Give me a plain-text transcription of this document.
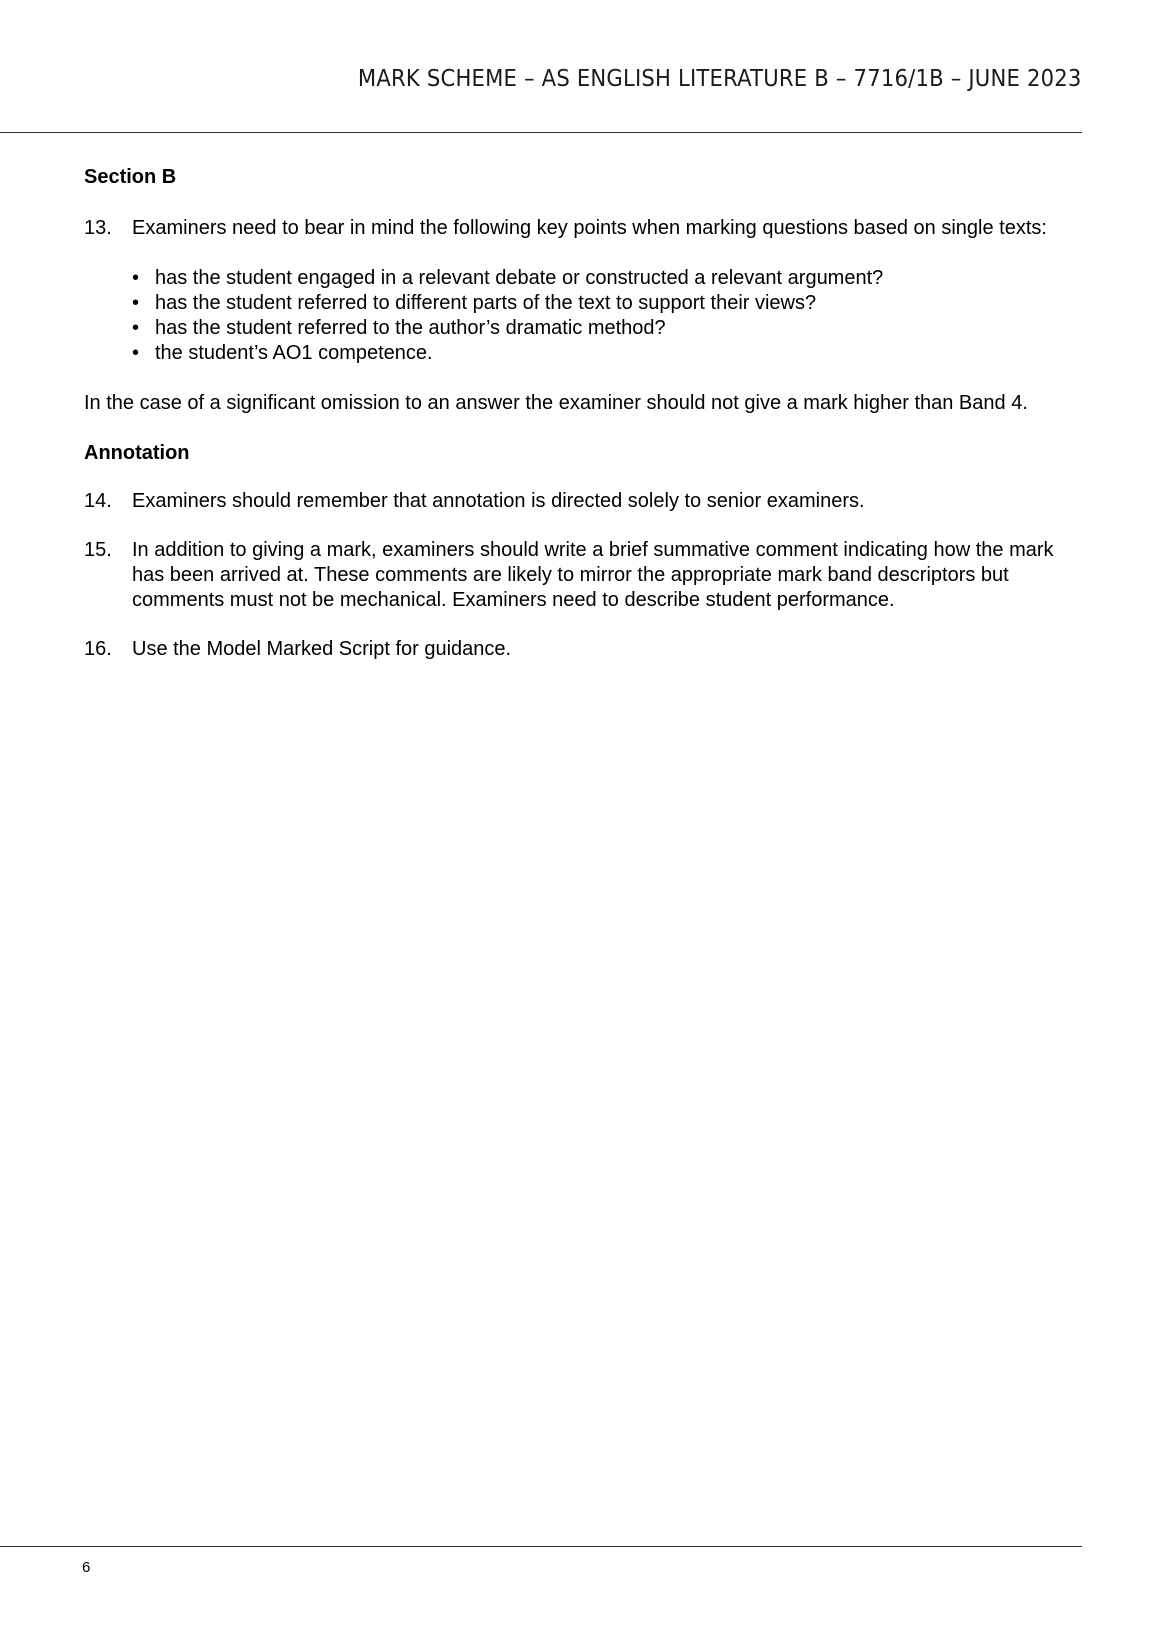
MARK SCHEME – AS ENGLISH LITERATURE B – 7716/1B – JUNE 2023

Section B

13.	Examiners need to bear in mind the following key points when marking questions based on single texts:
• has the student engaged in a relevant debate or constructed a relevant argument?
• has the student referred to different parts of the text to support their views?
• has the student referred to the author’s dramatic method?
• the student’s AO1 competence.

In the case of a significant omission to an answer the examiner should not give a mark higher than Band 4.

Annotation

14.	Examiners should remember that annotation is directed solely to senior examiners.
15.	In addition to giving a mark, examiners should write a brief summative comment indicating how the mark has been arrived at. These comments are likely to mirror the appropriate mark band descriptors but comments must not be mechanical. Examiners need to describe student performance.
16.	Use the Model Marked Script for guidance.
6
